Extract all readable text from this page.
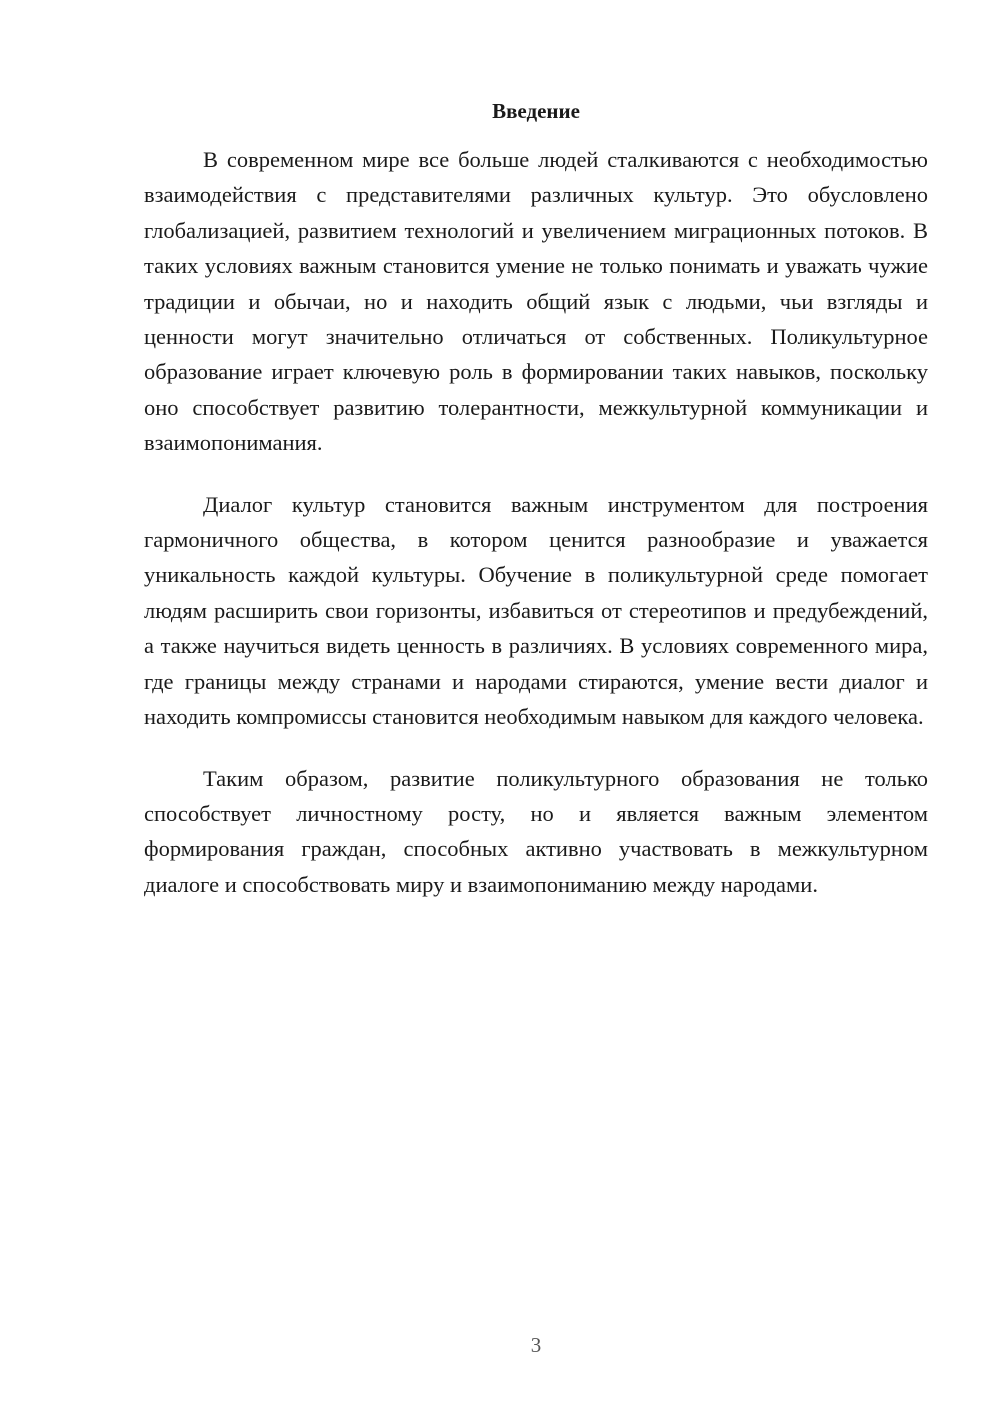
Введение

В современном мире все больше людей сталкиваются с необходимостью взаимодействия с представителями различных культур. Это обусловлено глобализацией, развитием технологий и увеличением миграционных потоков. В таких условиях важным становится умение не только понимать и уважать чужие традиции и обычаи, но и находить общий язык с людьми, чьи взгляды и ценности могут значительно отличаться от собственных. Поликультурное образование играет ключевую роль в формировании таких навыков, поскольку оно способствует развитию толерантности, межкультурной коммуникации и взаимопонимания.

Диалог культур становится важным инструментом для построения гармоничного общества, в котором ценится разнообразие и уважается уникальность каждой культуры. Обучение в поликультурной среде помогает людям расширить свои горизонты, избавиться от стереотипов и предубеждений, а также научиться видеть ценность в различиях. В условиях современного мира, где границы между странами и народами стираются, умение вести диалог и находить компромиссы становится необходимым навыком для каждого человека.

Таким образом, развитие поликультурного образования не только способствует личностному росту, но и является важным элементом формирования граждан, способных активно участвовать в межкультурном диалоге и способствовать миру и взаимопониманию между народами.

3
